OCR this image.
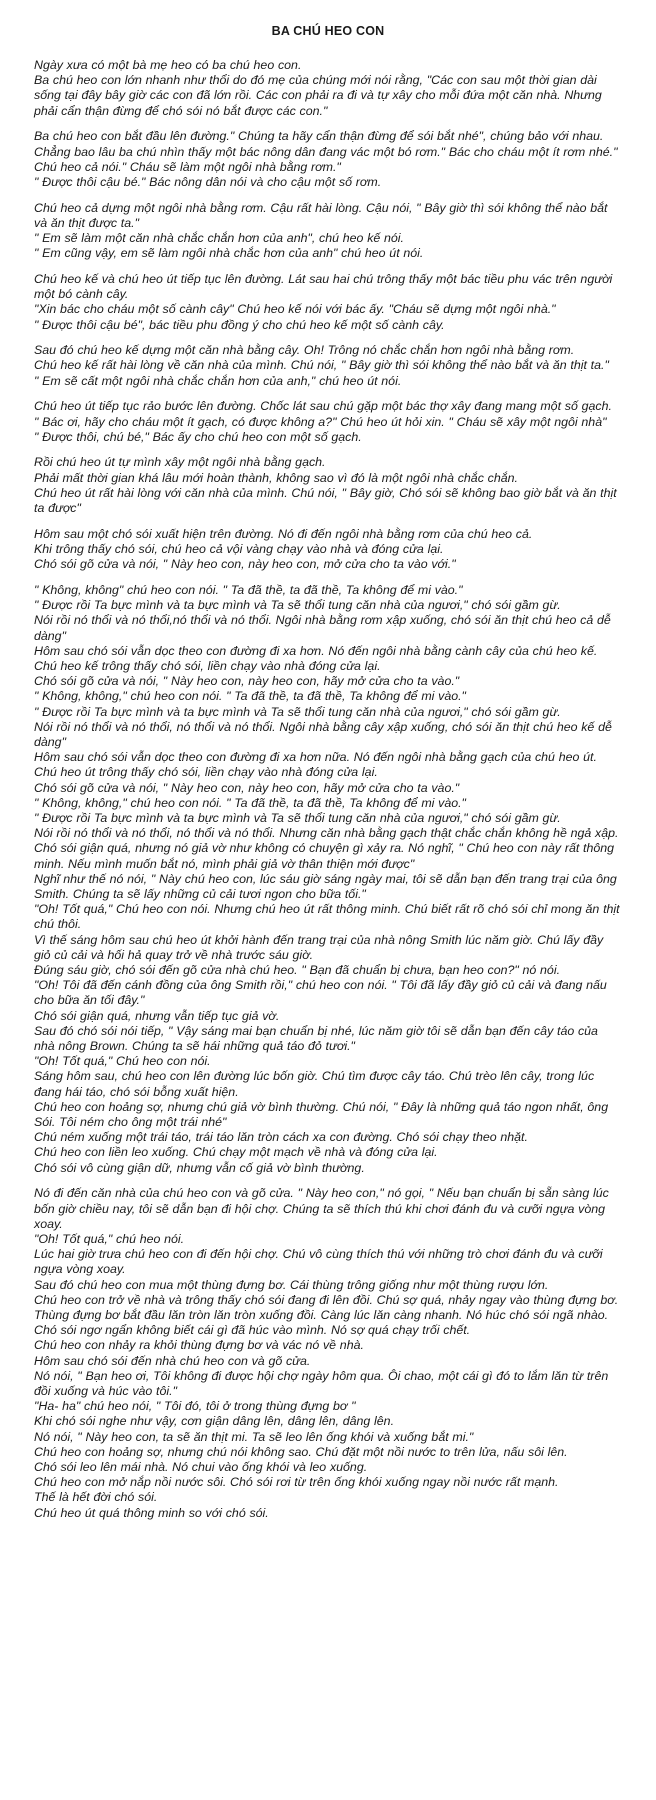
BA CHÚ HEO CON
Ngày xưa có một bà mẹ heo có ba chú heo con.
Ba chú heo con lớn nhanh như thổi do đó mẹ của chúng mới nói rằng, "Các con sau một thời gian dài sống tại đây bây giờ các con đã lớn rồi. Các con phải ra đi và tự xây cho mỗi đứa một căn nhà. Nhưng phải cẩn thận đừng để chó sói nó bắt được các con."
Ba chú heo con bắt đầu lên đường." Chúng ta hãy cẩn thận đừng để sói bắt nhé", chúng bảo với nhau.
Chẳng bao lâu ba chú nhìn thấy một bác nông dân đang vác một bó rơm." Bác cho cháu một ít rơm nhé." Chú heo cả nói." Cháu sẽ làm một ngôi nhà bằng rơm."
" Được thôi cậu bé." Bác nông dân nói và cho cậu một số rơm.
Chú heo cả dựng một ngôi nhà bằng rơm. Cậu rất hài lòng. Cậu nói, " Bây giờ thì sói không thể nào bắt và ăn thịt được ta."
" Em sẽ làm một căn nhà chắc chắn hơn của anh", chú heo kế nói.
" Em cũng vậy, em sẽ làm ngôi nhà chắc hơn của anh" chú heo út nói.
Chú heo kế và chú heo út tiếp tục lên đường. Lát sau hai chú trông thấy một bác tiều phu vác trên người một bó cành cây.
"Xin bác cho cháu một số cành cây" Chú heo kế nói với bác ấy. "Cháu sẽ dựng một ngôi nhà."
" Được thôi cậu bé", bác tiều phu đồng ý cho chú heo kế một số cành cây.
Sau đó chú heo kế dựng một căn nhà bằng cây. Oh! Trông nó chắc chắn hơn ngôi nhà bằng rơm.
Chú heo kế rất hài lòng về căn nhà của mình. Chú nói, " Bây giờ thì sói không thể nào bắt và ăn thịt ta."
" Em sẽ cất một ngôi nhà chắc chắn hơn của anh," chú heo út nói.
Chú heo út tiếp tục rảo bước lên đường. Chốc lát sau chú gặp một bác thợ xây đang mang một số gạch.
" Bác ơi, hãy cho cháu một ít gạch, có được không a?" Chú heo út hỏi xin. " Cháu sẽ xây một ngôi nhà"
" Được thôi, chú bé," Bác ấy cho chú heo con một số gạch.
Rồi chú heo út tự mình xây một ngôi nhà bằng gạch.
Phải mất thời gian khá lâu mới hoàn thành, không sao vì đó là một ngôi nhà chắc chắn.
Chú heo út rất hài lòng với căn nhà của mình. Chú nói, " Bây giờ, Chó sói sẽ không bao giờ bắt và ăn thịt ta được"
Hôm sau một chó sói xuất hiện trên đường. Nó đi đến ngôi nhà bằng rơm của chú heo cả.
Khi trông thấy chó sói, chú heo cả vội vàng chạy vào nhà và đóng cửa lại.
Chó sói gõ cửa và nói, " Này heo con, này heo con, mở cửa cho ta vào với."
" Không, không" chú heo con nói. " Ta đã thề, ta đã thề, Ta không để mi vào."
" Được rồi Ta bực mình và ta bực mình và Ta sẽ thổi tung căn nhà của ngươi," chó sói gầm gừ.
Nói rồi nó thổi và nó thổi,nó thổi và nó thổi. Ngôi nhà bằng rơm xập xuống, chó sói ăn thịt chú heo cả dễ dàng"
Hôm sau chó sói vẫn dọc theo con đường đi xa hơn. Nó đến ngôi nhà bằng cành cây của chú heo kế.
Chú heo kế trông thấy chó sói, liền chạy vào nhà đóng cửa lại.
Chó sói gõ cửa và nói, " Này heo con, này heo con, hãy mở cửa cho ta vào."
" Không, không," chú heo con nói. " Ta đã thề, ta đã thề, Ta không để mi vào."
" Được rồi Ta bực mình và ta bực mình và Ta sẽ thổi tung căn nhà của ngươi," chó sói gầm gừ.
Nói rồi nó thổi và nó thổi, nó thổi và nó thổi. Ngôi nhà bằng cây xập xuống, chó sói ăn thịt chú heo kế dễ dàng"
Hôm sau chó sói vẫn dọc theo con đường đi xa hơn nữa. Nó đến ngôi nhà bằng gạch của chú heo út.
Chú heo út trông thấy chó sói, liền chạy vào nhà đóng cửa lại.
Chó sói gõ cửa và nói, " Này heo con, này heo con, hãy mở cửa cho ta vào."
" Không, không," chú heo con nói. " Ta đã thề, ta đã thề, Ta không để mi vào."
" Được rồi Ta bực mình và ta bực mình và Ta sẽ thổi tung căn nhà của ngươi," chó sói gầm gừ.
Nói rồi nó thổi và nó thổi, nó thổi và nó thổi. Nhưng căn nhà bằng gạch thật chắc chắn không hề ngả xập.
Chó sói giận quá, nhưng nó giả vờ như không có chuyện gì xảy ra. Nó nghĩ, " Chú heo con này rất thông minh. Nếu mình muốn bắt nó, mình phải giả vờ thân thiện mới được"
Nghĩ như thế nó nói, " Này chú heo con, lúc sáu giờ sáng ngày mai, tôi sẽ dẫn bạn đến trang trại của ông Smith. Chúng ta sẽ lấy những củ cải tươi ngon cho bữa tối."
"Oh! Tốt quá," Chú heo con nói. Nhưng chú heo út rất thông minh. Chú biết rất rõ chó sói chỉ mong ăn thịt chú thôi.
Vì thế sáng hôm sau chú heo út khởi hành đến trang trại của nhà nông Smith lúc năm giờ. Chú lấy đầy giỏ củ cải và hối hả quay trở về nhà trước sáu giờ.
Đúng sáu giờ, chó sói đến gõ cửa nhà chú heo. " Bạn đã chuẩn bị chưa, bạn heo con?" nó nói.
"Oh! Tôi đã đến cánh đồng của ông Smith rồi," chú heo con nói. " Tôi đã lấy đầy giỏ củ cải và đang nấu cho bữa ăn tối đây."
Chó sói giận quá, nhưng vẫn tiếp tục giả vờ.
Sau đó chó sói nói tiếp, " Vậy sáng mai bạn chuẩn bị nhé, lúc năm giờ tôi sẽ dẫn bạn đến cây táo của nhà nông Brown. Chúng ta sẽ hái những quả táo đỏ tươi."
"Oh! Tốt quá," Chú heo con nói.
Sáng hôm sau, chú heo con lên đường lúc bốn giờ. Chú tìm được cây táo. Chú trèo lên cây, trong lúc đang hái táo, chó sói bỗng xuất hiện.
Chú heo con hoảng sợ, nhưng chú giả vờ bình thường. Chú nói, " Đây là những quả táo ngon nhất, ông Sói. Tôi ném cho ông một trái nhé"
Chú ném xuống một trái táo, trái táo lăn tròn cách xa con đường. Chó sói chạy theo nhặt.
Chú heo con liền leo xuống. Chú chạy một mạch về nhà và đóng cửa lại.
Chó sói vô cùng giận dữ, nhưng vẫn cố giả vờ bình thường.
Nó đi đến căn nhà của chú heo con và gõ cửa. " Này heo con," nó gọi, " Nếu bạn chuẩn bị sẵn sàng lúc bốn giờ chiều nay, tôi sẽ dẫn bạn đi hội chợ. Chúng ta sẽ thích thú khi chơi đánh đu và cưỡi ngựa vòng xoay.
"Oh! Tốt quá," chú heo nói.
Lúc hai giờ trưa chú heo con đi đến hội chợ. Chú vô cùng thích thú với những trò chơi đánh đu và cưỡi ngựa vòng xoay.
Sau đó chú heo con mua một thùng đựng bơ. Cái thùng trông giống như một thùng rượu lớn.
Chú heo con trở về nhà và trông thấy chó sói đang đi lên đồi. Chú sợ quá, nhảy ngay vào thùng đựng bơ.
Thùng đựng bơ bắt đầu lăn tròn lăn tròn xuống đồi. Càng lúc lăn càng nhanh. Nó húc chó sói ngã nhào.
Chó sói ngơ ngẩn không biết cái gì đã húc vào mình. Nó sợ quá chạy trối chết.
Chú heo con nhảy ra khỏi thùng đựng bơ và vác nó về nhà.
Hôm sau chó sói đến nhà chú heo con và gõ cửa.
Nó nói, " Bạn heo ơi, Tôi không đi được hội chợ ngày hôm qua. Ôi chao, một cái gì đó to lắm lăn từ trên đồi xuống và húc vào tôi."
"Ha- ha" chú heo nói, " Tôi đó, tôi ở trong thùng đựng bơ "
Khi chó sói nghe như vậy, cơn giận dâng lên, dâng lên, dâng lên.
Nó nói, " Này heo con, ta sẽ ăn thịt mi. Ta sẽ leo lên ống khói và xuống bắt mi."
Chú heo con hoảng sợ, nhưng chú nói không sao. Chú đặt một nồi nước to trên lửa, nấu sôi lên.
Chó sói leo lên mái nhà. Nó chui vào ống khói và leo xuống.
Chú heo con mở nắp nồi nước sôi. Chó sói rơi từ trên ống khói xuống ngay nồi nước rất mạnh.
Thế là hết đời chó sói.
Chú heo út quá thông minh so với chó sói.
